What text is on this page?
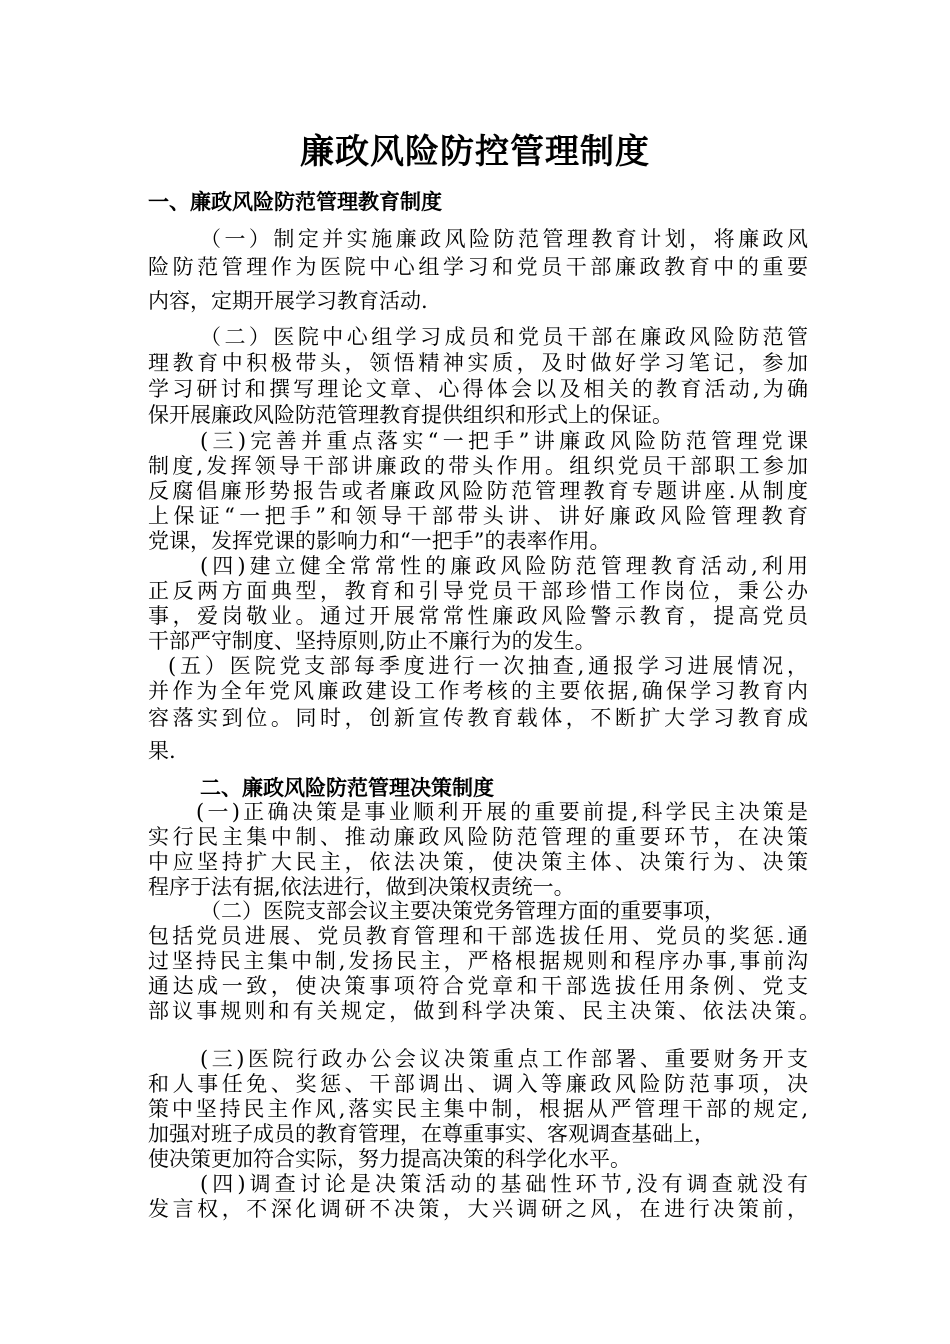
廉政风险防控管理制度
一、廉政风险防范管理教育制度
（一）制定并实施廉政风险防范管理教育计划，将廉政风
险防范管理作为医院中心组学习和党员干部廉政教育中的重要
内容，定期开展学习教育活动.
（二）医院中心组学习成员和党员干部在廉政风险防范管
理教育中积极带头，领悟精神实质，及时做好学习笔记，参加
学习研讨和撰写理论文章、心得体会以及相关的教育活动,为确
保开展廉政风险防范管理教育提供组织和形式上的保证。
(三)完善并重点落实“一把手”讲廉政风险防范管理党课
制度,发挥领导干部讲廉政的带头作用。组织党员干部职工参加
反腐倡廉形势报告或者廉政风险防范管理教育专题讲座.从制度
上保证“一把手”和领导干部带头讲、讲好廉政风险管理教育
党课，发挥党课的影响力和“一把手”的表率作用。
(四)建立健全常常性的廉政风险防范管理教育活动,利用
正反两方面典型，教育和引导党员干部珍惜工作岗位，秉公办
事，爱岗敬业。通过开展常常性廉政风险警示教育，提高党员
干部严守制度、坚持原则,防止不廉行为的发生。
(五）医院党支部每季度进行一次抽查,通报学习进展情况，
并作为全年党风廉政建设工作考核的主要依据,确保学习教育内
容落实到位。同时，创新宣传教育载体，不断扩大学习教育成
果.
二、廉政风险防范管理决策制度
(一)正确决策是事业顺利开展的重要前提,科学民主决策是
实行民主集中制、推动廉政风险防范管理的重要环节，在决策
中应坚持扩大民主，依法决策，使决策主体、决策行为、决策
程序于法有据,依法进行，做到决策权责统一。
（二）医院支部会议主要决策党务管理方面的重要事项，
包括党员进展、党员教育管理和干部选拔任用、党员的奖惩.通
过坚持民主集中制,发扬民主，严格根据规则和程序办事,事前沟
通达成一致，使决策事项符合党章和干部选拔任用条例、党支
部议事规则和有关规定，做到科学决策、民主决策、依法决策。
(三)医院行政办公会议决策重点工作部署、重要财务开支
和人事任免、奖惩、干部调出、调入等廉政风险防范事项，决
策中坚持民主作风,落实民主集中制，根据从严管理干部的规定,
加强对班子成员的教育管理，在尊重事实、客观调查基础上，
使决策更加符合实际，努力提高决策的科学化水平。
(四)调查讨论是决策活动的基础性环节,没有调查就没有
发言权，不深化调研不决策，大兴调研之风，在进行决策前，
